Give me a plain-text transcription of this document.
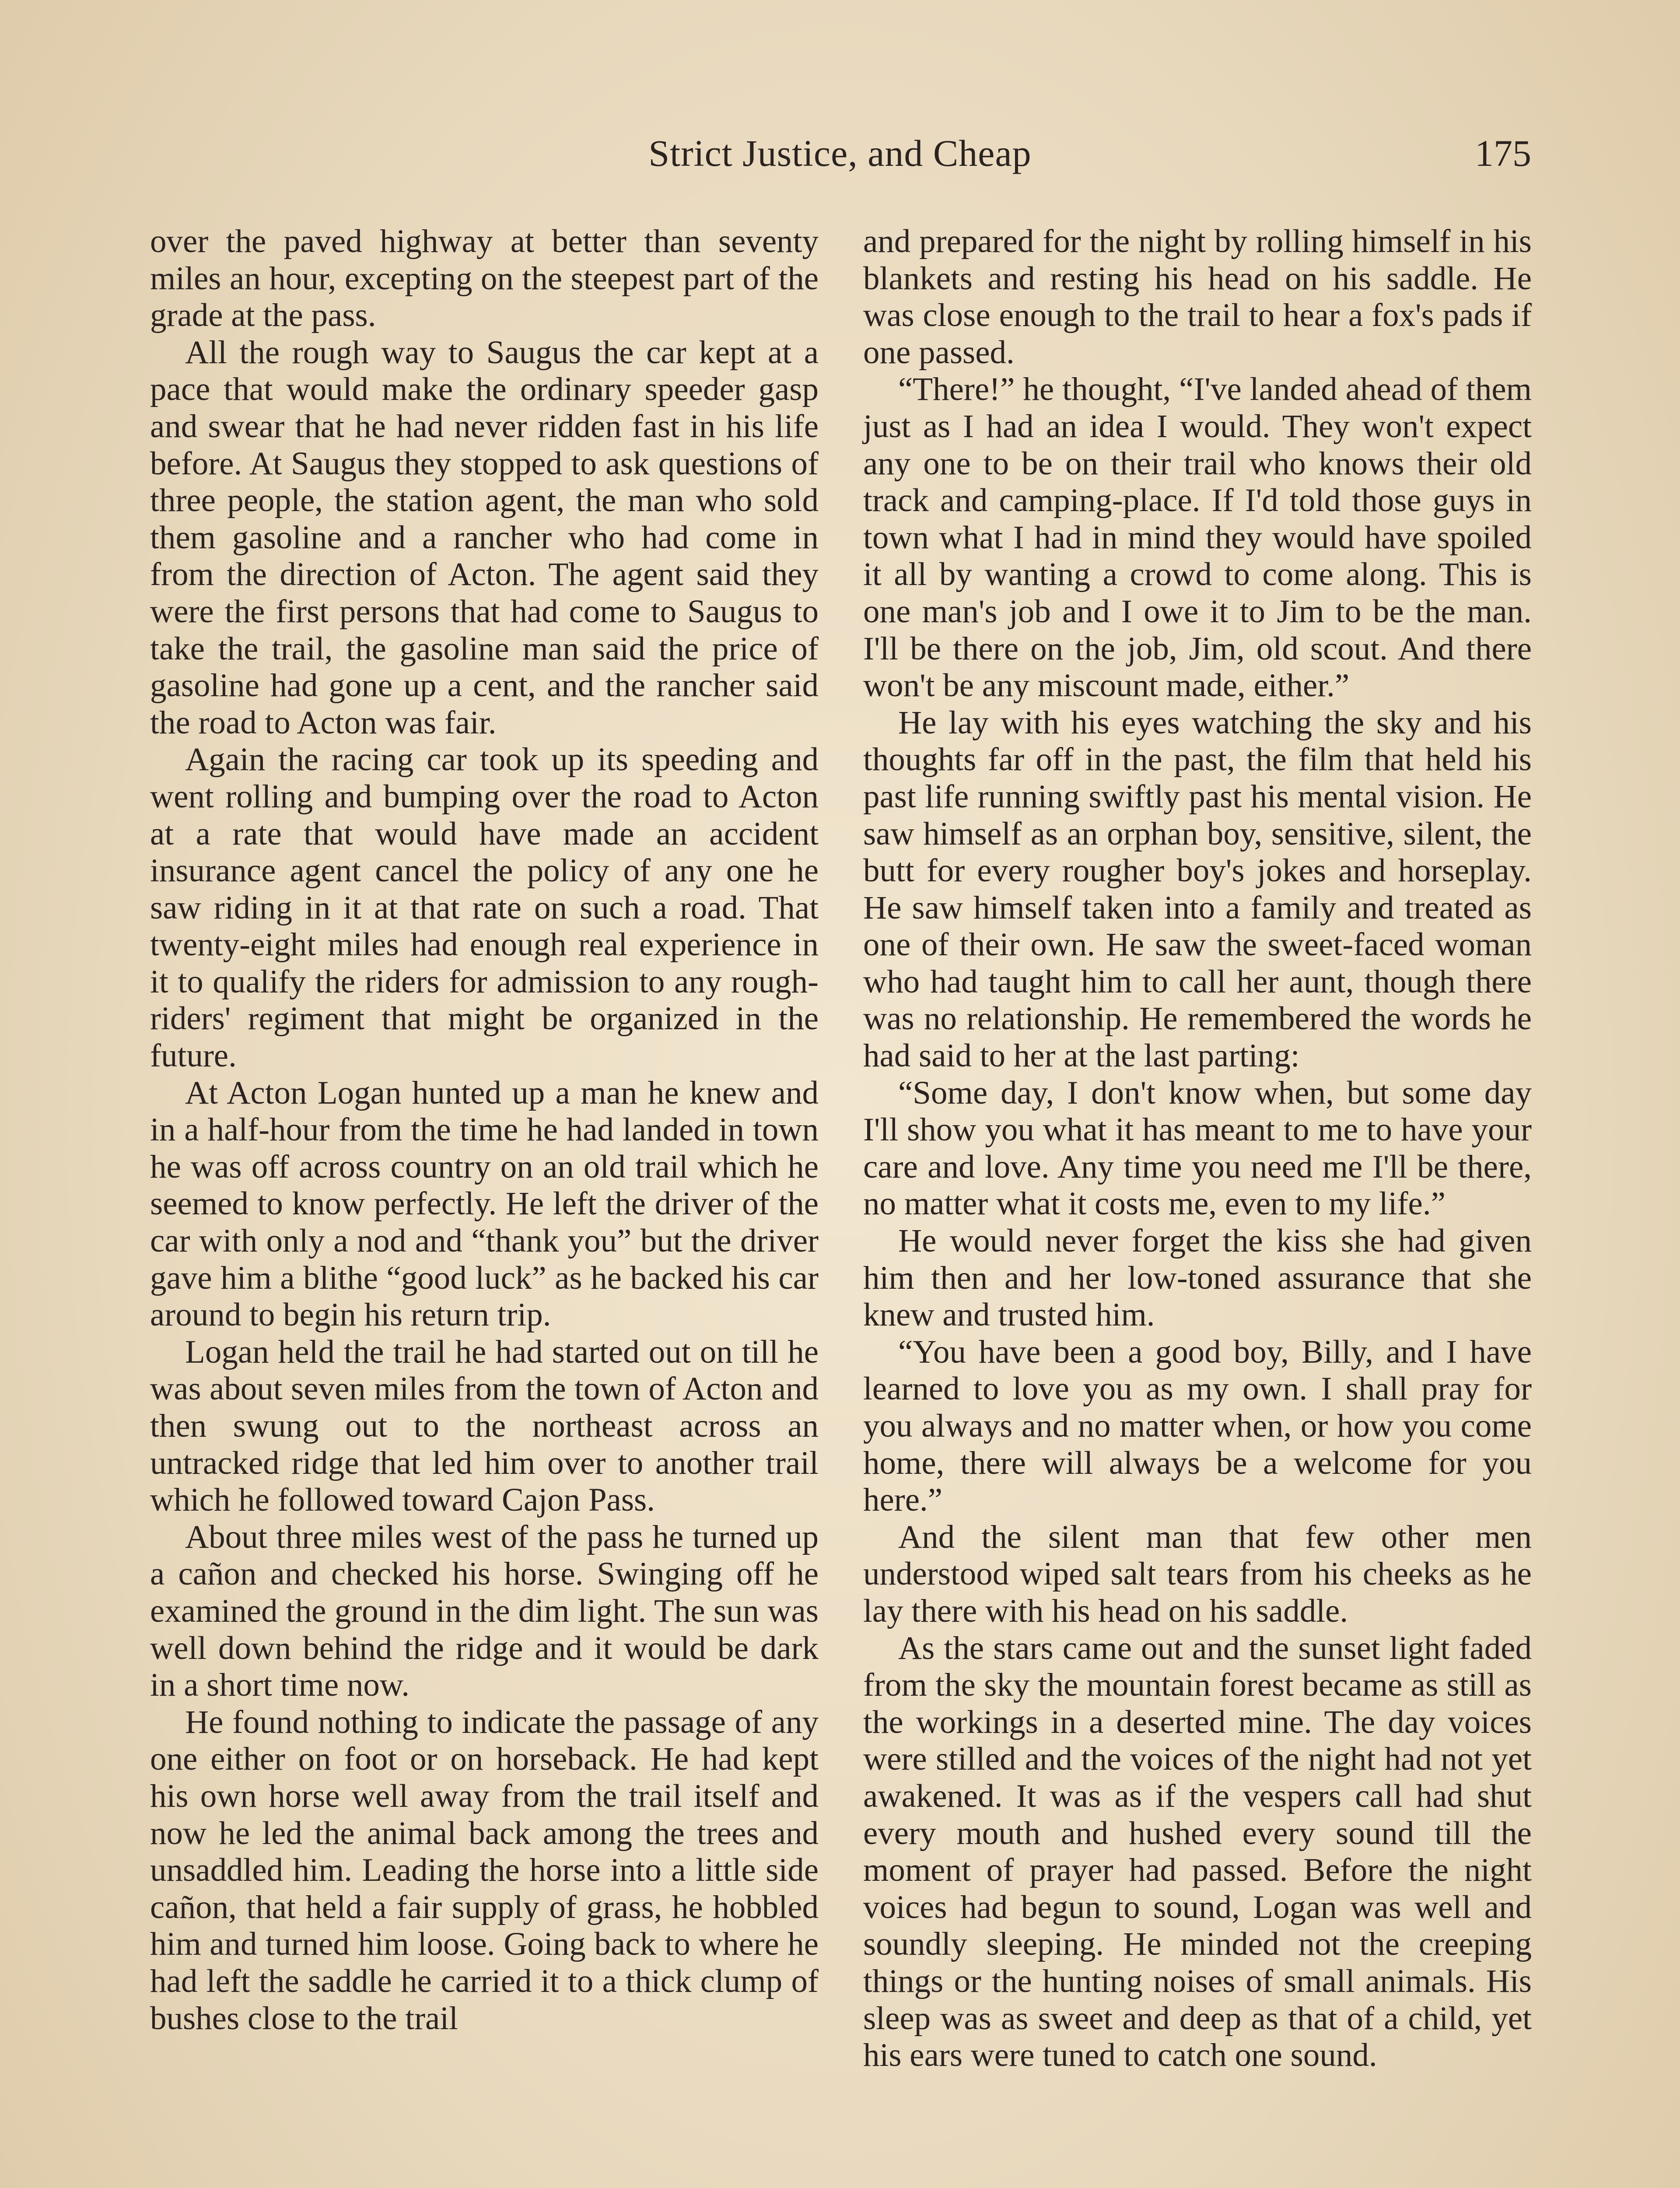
Strict Justice, and Cheap	175

over the paved highway at better than seventy miles an hour, excepting on the steepest part of the grade at the pass.

All the rough way to Saugus the car kept at a pace that would make the ordinary speeder gasp and swear that he had never ridden fast in his life before. At Saugus they stopped to ask questions of three people, the station agent, the man who sold them gasoline and a rancher who had come in from the direction of Acton. The agent said they were the first persons that had come to Saugus to take the trail, the gasoline man said the price of gasoline had gone up a cent, and the rancher said the road to Acton was fair.

Again the racing car took up its speeding and went rolling and bumping over the road to Acton at a rate that would have made an accident insurance agent cancel the policy of any one he saw riding in it at that rate on such a road. That twenty-eight miles had enough real experience in it to qualify the riders for admission to any rough-riders' regiment that might be organized in the future.

At Acton Logan hunted up a man he knew and in a half-hour from the time he had landed in town he was off across country on an old trail which he seemed to know perfectly. He left the driver of the car with only a nod and “thank you” but the driver gave him a blithe “good luck” as he backed his car around to begin his return trip.

Logan held the trail he had started out on till he was about seven miles from the town of Acton and then swung out to the northeast across an untracked ridge that led him over to another trail which he followed toward Cajon Pass.

About three miles west of the pass he turned up a cañon and checked his horse. Swinging off he examined the ground in the dim light. The sun was well down behind the ridge and it would be dark in a short time now.

He found nothing to indicate the passage of any one either on foot or on horseback. He had kept his own horse well away from the trail itself and now he led the animal back among the trees and unsaddled him. Leading the horse into a little side cañon, that held a fair supply of grass, he hobbled him and turned him loose. Going back to where he had left the saddle he carried it to a thick clump of bushes close to the trail

and prepared for the night by rolling himself in his blankets and resting his head on his saddle. He was close enough to the trail to hear a fox's pads if one passed.

“There!” he thought, “I've landed ahead of them just as I had an idea I would. They won't expect any one to be on their trail who knows their old track and camping-place. If I'd told those guys in town what I had in mind they would have spoiled it all by wanting a crowd to come along. This is one man's job and I owe it to Jim to be the man. I'll be there on the job, Jim, old scout. And there won't be any miscount made, either.”

He lay with his eyes watching the sky and his thoughts far off in the past, the film that held his past life running swiftly past his mental vision. He saw himself as an orphan boy, sensitive, silent, the butt for every rougher boy's jokes and horseplay. He saw himself taken into a family and treated as one of their own. He saw the sweet-faced woman who had taught him to call her aunt, though there was no relationship. He remembered the words he had said to her at the last parting:

“Some day, I don't know when, but some day I'll show you what it has meant to me to have your care and love. Any time you need me I'll be there, no matter what it costs me, even to my life.”

He would never forget the kiss she had given him then and her low-toned assurance that she knew and trusted him.

“You have been a good boy, Billy, and I have learned to love you as my own. I shall pray for you always and no matter when, or how you come home, there will always be a welcome for you here.”

And the silent man that few other men understood wiped salt tears from his cheeks as he lay there with his head on his saddle.

As the stars came out and the sunset light faded from the sky the mountain forest became as still as the workings in a deserted mine. The day voices were stilled and the voices of the night had not yet awakened. It was as if the vespers call had shut every mouth and hushed every sound till the moment of prayer had passed. Before the night voices had begun to sound, Logan was well and soundly sleeping. He minded not the creeping things or the hunting noises of small animals. His sleep was as sweet and deep as that of a child, yet his ears were tuned to catch one sound.
